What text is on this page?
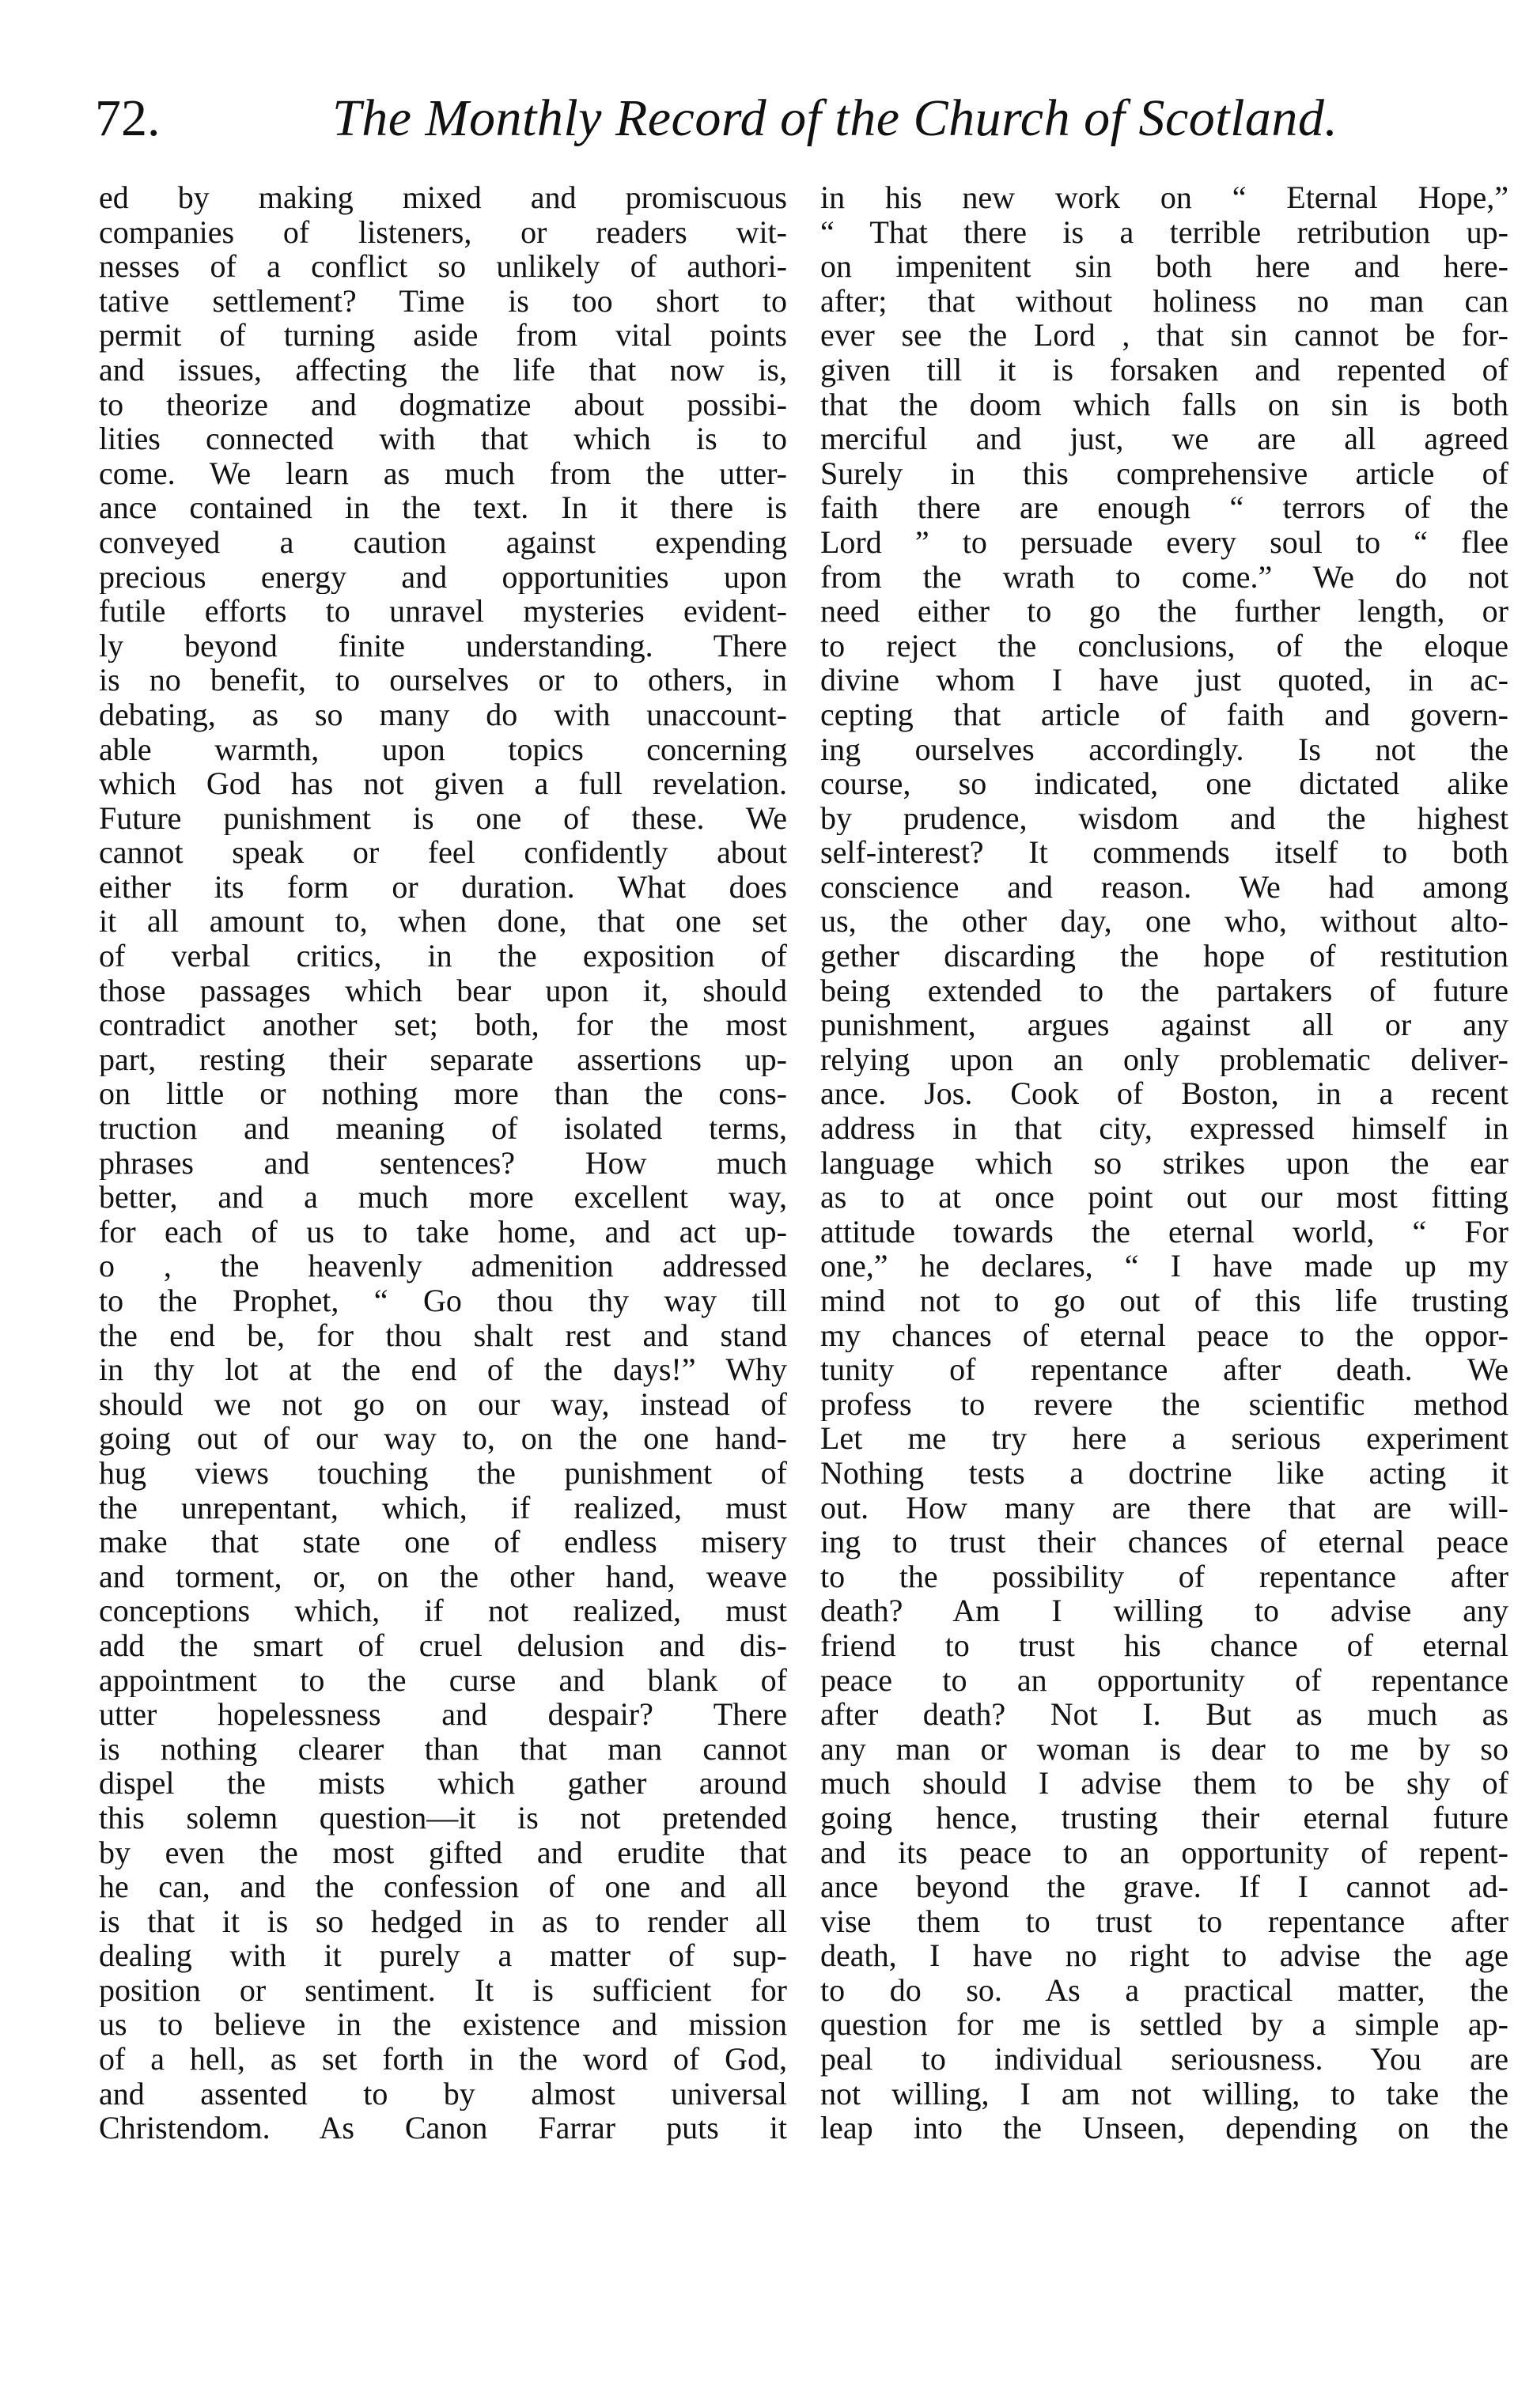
72.	The Monthly Record of the Church of Scotland.
ed by making mixed and promiscuous
companies of listeners, or readers wit-
nesses of a conflict so unlikely of authori-
tative settlement? Time is too short to
permit of turning aside from vital points
and issues, affecting the life that now is,
to theorize and dogmatize about possibi-
lities connected with that which is to
come. We learn as much from the utter-
ance contained in the text. In it there is
conveyed a caution against expending
precious energy and opportunities upon
futile efforts to unravel mysteries evident-
ly beyond finite understanding. There
is no benefit, to ourselves or to others, in
debating, as so many do with unaccount-
able warmth, upon topics concerning
which God has not given a full revelation.
Future punishment is one of these. We
cannot speak or feel confidently about
either its form or duration. What does
it all amount to, when done, that one set
of verbal critics, in the exposition of
those passages which bear upon it, should
contradict another set; both, for the most
part, resting their separate assertions up-
on little or nothing more than the cons-
truction and meaning of isolated terms,
phrases and sentences? How much
better, and a much more excellent way,
for each of us to take home, and act up-
o , the heavenly admenition addressed
to the Prophet, “ Go thou thy way till
the end be, for thou shalt rest and stand
in thy lot at the end of the days!” Why
should we not go on our way, instead of
going out of our way to, on the one hand-
hug views touching the punishment of
the unrepentant, which, if realized, must
make that state one of endless misery
and torment, or, on the other hand, weave
conceptions which, if not realized, must
add the smart of cruel delusion and dis-
appointment to the curse and blank of
utter hopelessness and despair? There
is nothing clearer than that man cannot
dispel the mists which gather around
this solemn question—it is not pretended
by even the most gifted and erudite that
he can, and the confession of one and all
is that it is so hedged in as to render all
dealing with it purely a matter of sup-
position or sentiment. It is sufficient for
us to believe in the existence and mission
of a hell, as set forth in the word of God,
and assented to by almost universal
Christendom. As Canon Farrar puts it
in his new work on “ Eternal Hope,”
“ That there is a terrible retribution up-
on impenitent sin both here and here-
after; that without holiness no man can
ever see the Lord , that sin cannot be for-
given till it is forsaken and repented of
that the doom which falls on sin is both
merciful and just, we are all agreed
Surely in this comprehensive article of
faith there are enough “ terrors of the
Lord ” to persuade every soul to “ flee
from the wrath to come.” We do not
need either to go the further length, or
to reject the conclusions, of the eloque
divine whom I have just quoted, in ac-
cepting that article of faith and govern-
ing ourselves accordingly. Is not the
course, so indicated, one dictated alike
by prudence, wisdom and the highest
self-interest? It commends itself to both
conscience and reason. We had among
us, the other day, one who, without alto-
gether discarding the hope of restitution
being extended to the partakers of future
punishment, argues against all or any
relying upon an only problematic deliver-
ance. Jos. Cook of Boston, in a recent
address in that city, expressed himself in
language which so strikes upon the ear
as to at once point out our most fitting
attitude towards the eternal world, “ For
one,” he declares, “ I have made up my
mind not to go out of this life trusting
my chances of eternal peace to the oppor-
tunity of repentance after death. We
profess to revere the scientific method
Let me try here a serious experiment
Nothing tests a doctrine like acting it
out. How many are there that are will-
ing to trust their chances of eternal peace
to the possibility of repentance after
death? Am I willing to advise any
friend to trust his chance of eternal
peace to an opportunity of repentance
after death? Not I. But as much as
any man or woman is dear to me by so
much should I advise them to be shy of
going hence, trusting their eternal future
and its peace to an opportunity of repent-
ance beyond the grave. If I cannot ad-
vise them to trust to repentance after
death, I have no right to advise the age
to do so. As a practical matter, the
question for me is settled by a simple ap-
peal to individual seriousness. You are
not willing, I am not willing, to take the
leap into the Unseen, depending on the
